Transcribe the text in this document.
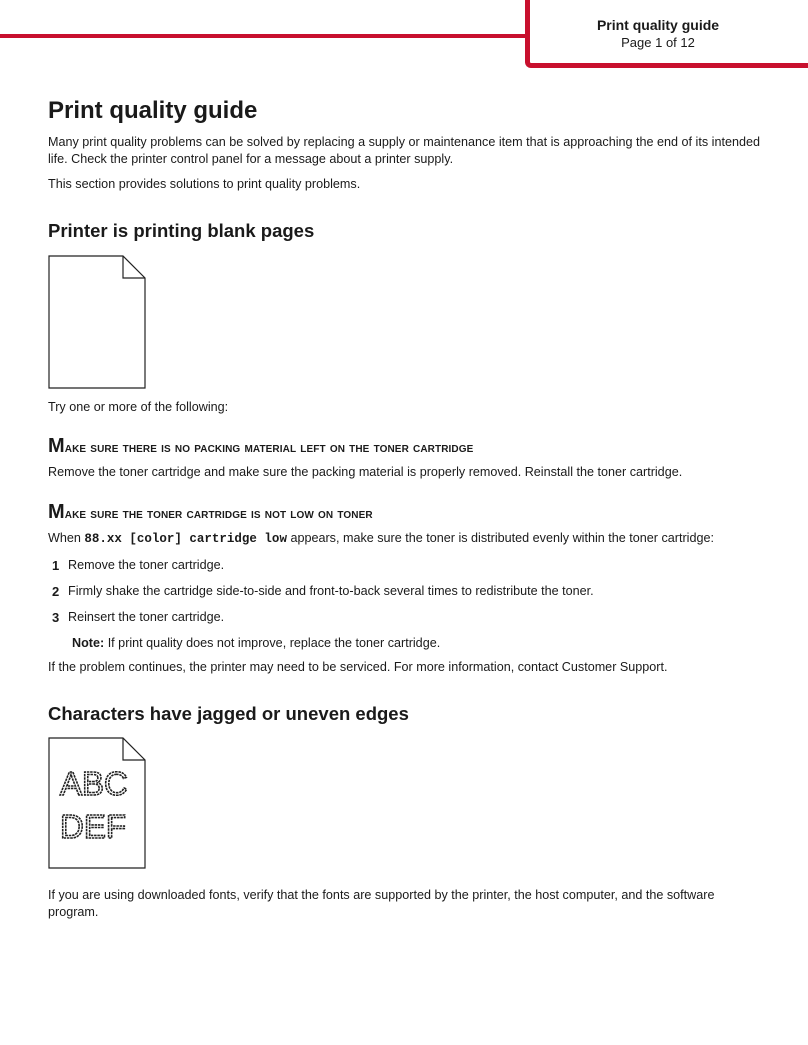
Print quality guide
Page 1 of 12
Print quality guide

Many print quality problems can be solved by replacing a supply or maintenance item that is approaching the end of its intended life. Check the printer control panel for a message about a printer supply.

This section provides solutions to print quality problems.

Printer is printing blank pages

Try one or more of the following:

Make sure there is no packing material left on the toner cartridge

Remove the toner cartridge and make sure the packing material is properly removed. Reinstall the toner cartridge.

Make sure the toner cartridge is not low on toner

When 88.xx [color] cartridge low appears, make sure the toner is distributed evenly within the toner cartridge:

1 Remove the toner cartridge.
2 Firmly shake the cartridge side-to-side and front-to-back several times to redistribute the toner.
3 Reinsert the toner cartridge.

Note: If print quality does not improve, replace the toner cartridge.

If the problem continues, the printer may need to be serviced. For more information, contact Customer Support.

Characters have jagged or uneven edges
ABC
DEF

If you are using downloaded fonts, verify that the fonts are supported by the printer, the host computer, and the software program.
